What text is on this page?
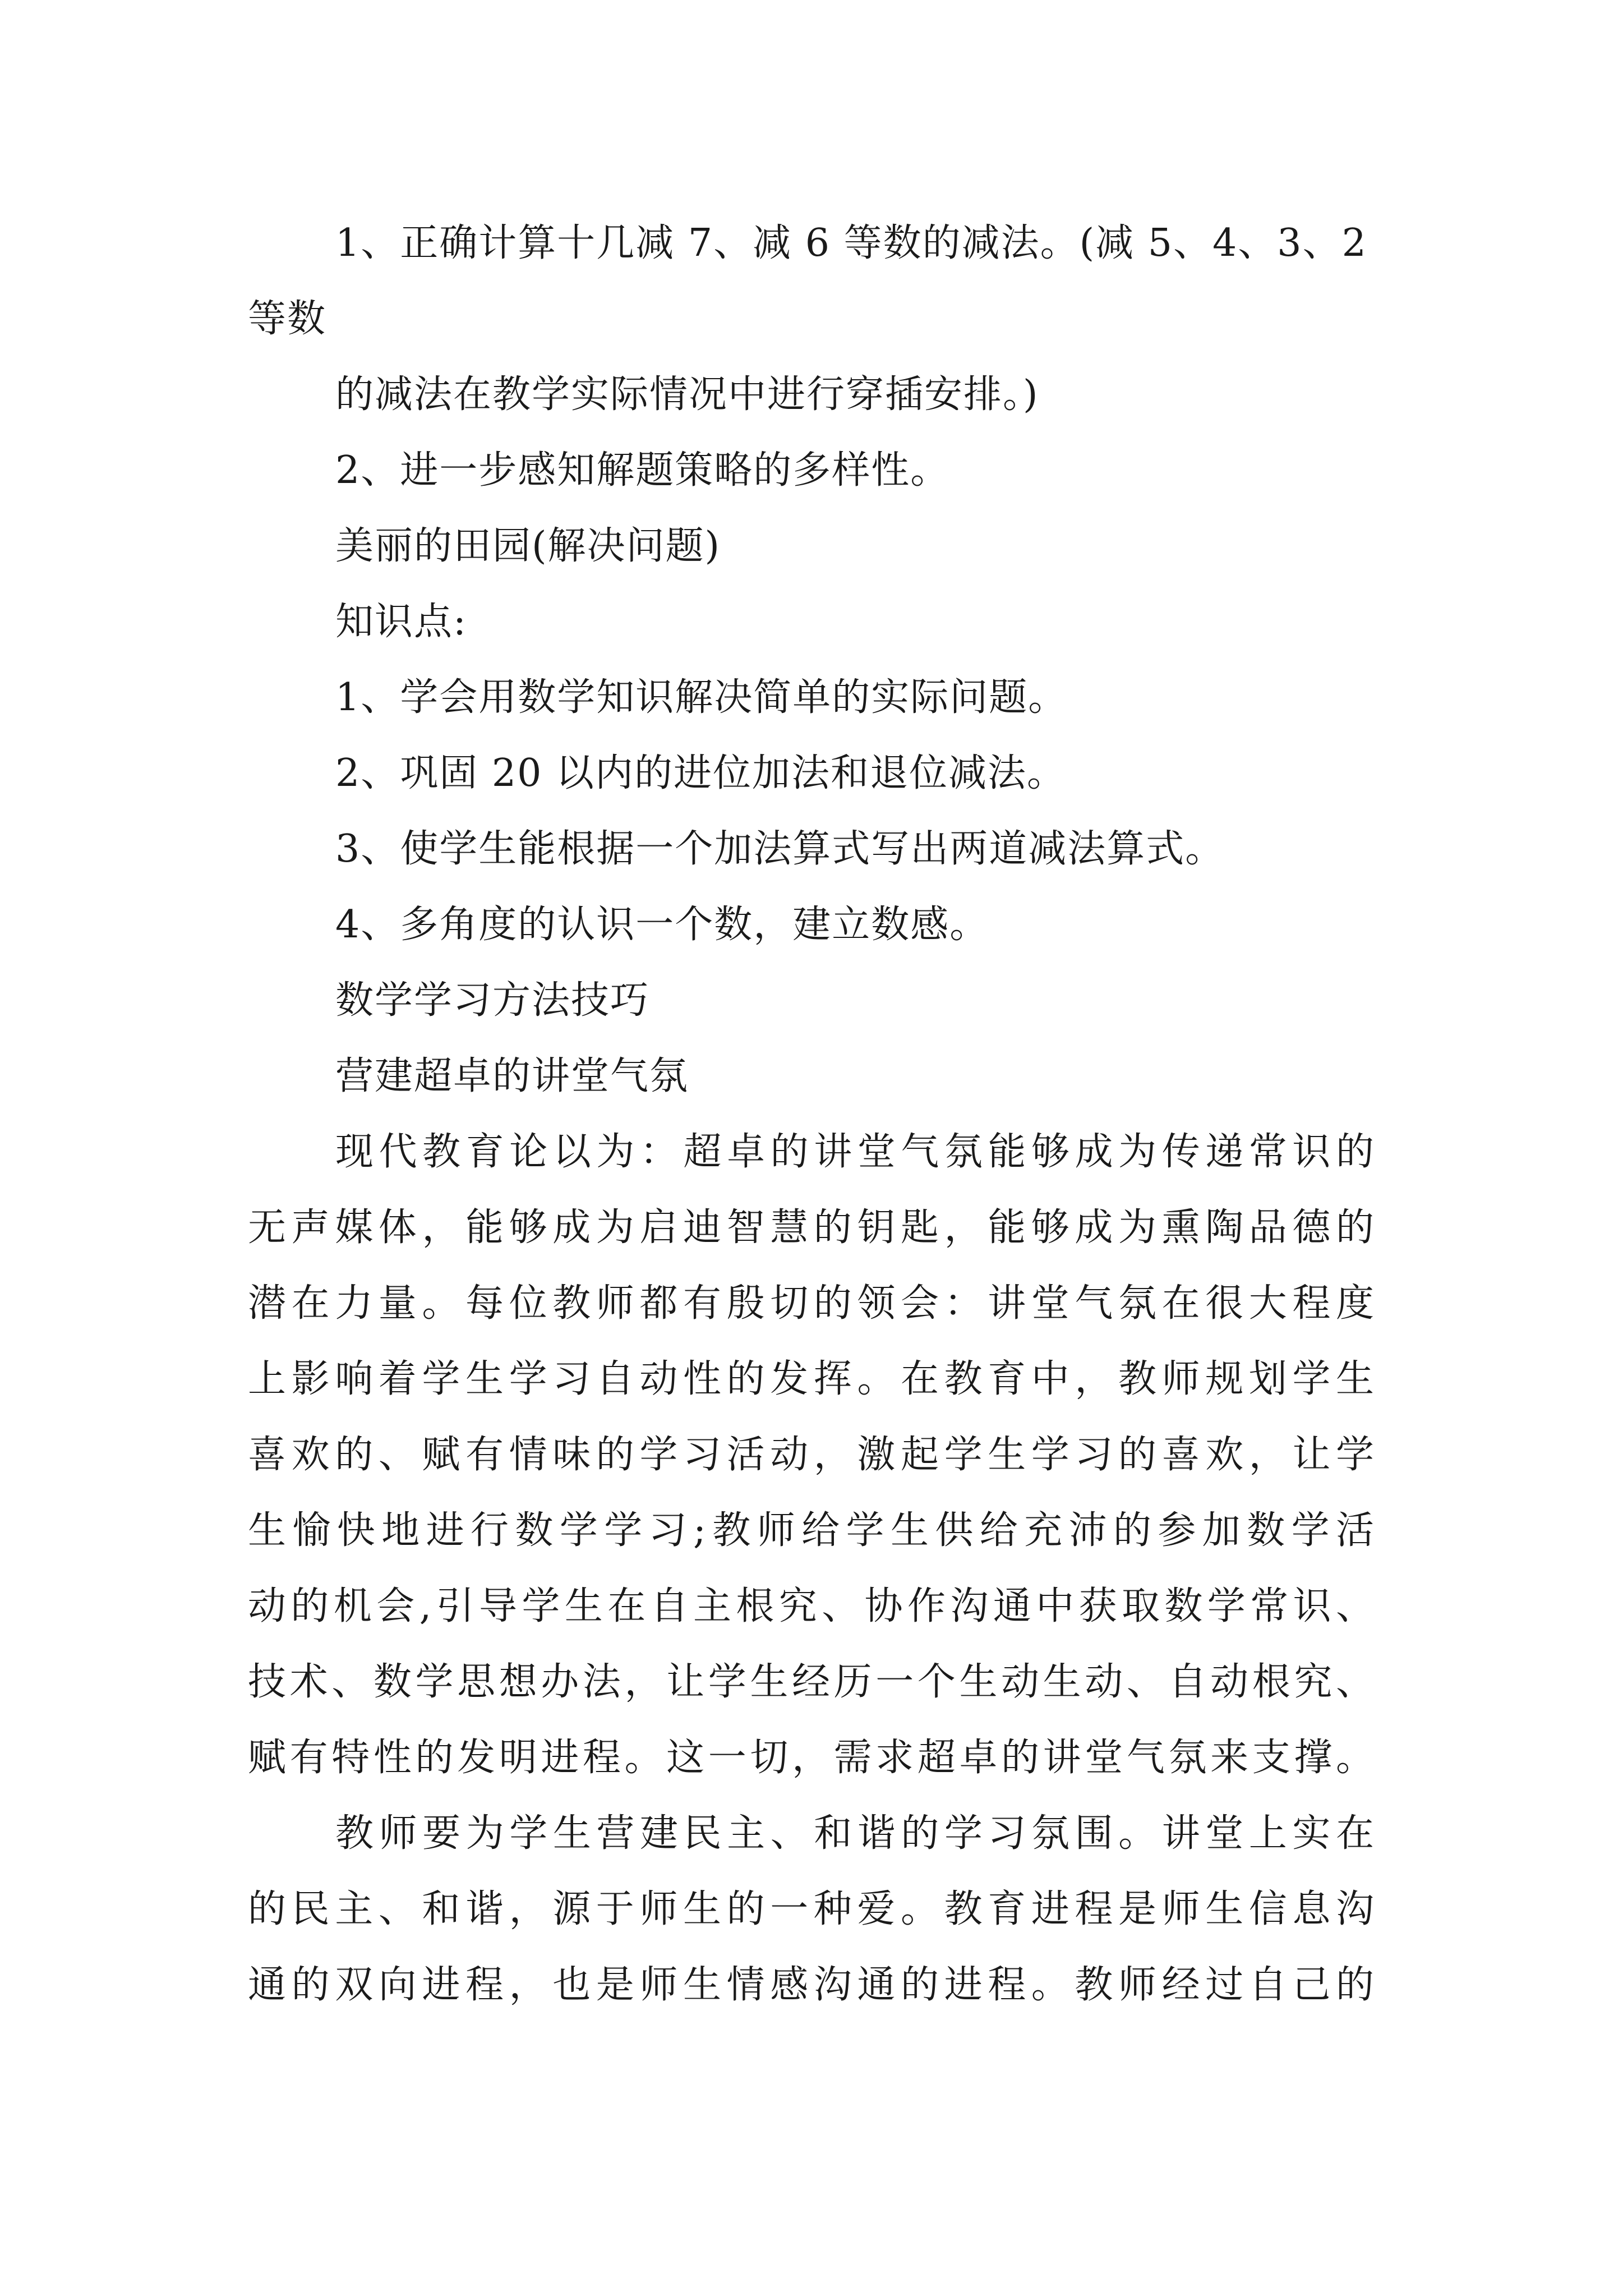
1、正确计算十几减 7、减 6 等数的减法。(减 5、4、3、2
等数
的减法在教学实际情况中进行穿插安排。)
2、进一步感知解题策略的多样性。
美丽的田园(解决问题)
知识点:
1、学会用数学知识解决简单的实际问题。
2、巩固 20 以内的进位加法和退位减法。
3、使学生能根据一个加法算式写出两道减法算式。
4、多角度的认识一个数，建立数感。
数学学习方法技巧
营建超卓的讲堂气氛
现代教育论以为：超卓的讲堂气氛能够成为传递常识的
无声媒体，能够成为启迪智慧的钥匙，能够成为熏陶品德的
潜在力量。每位教师都有殷切的领会：讲堂气氛在很大程度
上影响着学生学习自动性的发挥。在教育中，教师规划学生
喜欢的、赋有情味的学习活动，激起学生学习的喜欢，让学
生愉快地进行数学学习;教师给学生供给充沛的参加数学活
动的机会,引导学生在自主根究、协作沟通中获取数学常识、
技术、数学思想办法，让学生经历一个生动生动、自动根究、
赋有特性的发明进程。这一切，需求超卓的讲堂气氛来支撑。
教师要为学生营建民主、和谐的学习氛围。讲堂上实在
的民主、和谐，源于师生的一种爱。教育进程是师生信息沟
通的双向进程，也是师生情感沟通的进程。教师经过自己的
